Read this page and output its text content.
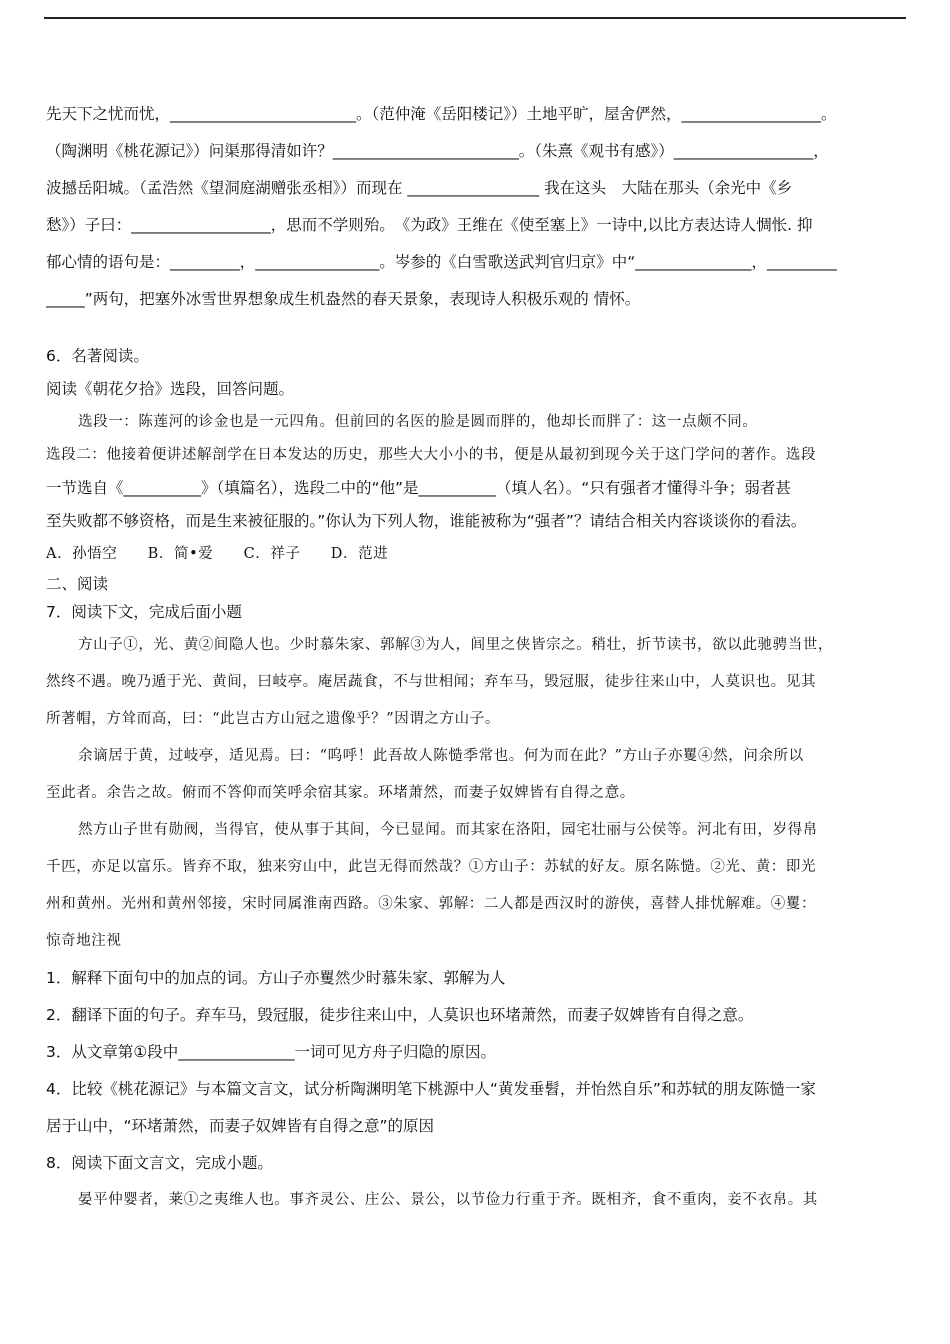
先天下之忧而忧，________________________。（范仲淹《岳阳楼记》）土地平旷，屋舍俨然，__________________。
（陶渊明《桃花源记》）问渠那得清如许？________________________。（朱熹《观书有感》）__________________，
波撼岳阳城。（孟浩然《望洞庭湖赠张丞相》）而现在 _________________ 我在这头　大陆在那头（余光中《乡
愁》）子曰：__________________，思而不学则殆。　《为政》王维在《使至塞上》一诗中,以比方表达诗人惆怅. 抑
郁心情的语句是：_________，________________。岑参的《白雪歌送武判官归京》中“_______________，_________
_____”两句，把塞外冰雪世界想象成生机盎然的春天景象，表现诗人积极乐观的 情怀。
6．名著阅读。
阅读《朝花夕拾》选段，回答问题。
选段一：陈莲河的诊金也是一元四角。但前回的名医的脸是圆而胖的，他却长而胖了：这一点颇不同。
选段二：他接着便讲述解剖学在日本发达的历史，那些大大小小的书，便是从最初到现今关于这门学问的著作。选段
一节选自《__________》（填篇名），选段二中的“他”是__________（填人名）。“只有强者才懂得斗争；弱者甚
至失败都不够资格，而是生来被征服的。”你认为下列人物，谁能被称为“强者”？请结合相关内容谈谈你的看法。
A．孙悟空　　B．简•爱　　C．祥子　　D．范进
二、阅读
7．阅读下文，完成后面小题
方山子①，光、黄②间隐人也。少时慕朱家、郭解③为人，闾里之侠皆宗之。稍壮，折节读书，欲以此驰骋当世，
然终不遇。晚乃遁于光、黄间，曰岐亭。庵居蔬食，不与世相闻；弃车马，毁冠服，徒步往来山中，人莫识也。见其
所著帽，方耸而高，曰：“此岂古方山冠之遗像乎？”因谓之方山子。
余谪居于黄，过岐亭，适见焉。曰：“呜呼！此吾故人陈慥季常也。何为而在此？”方山子亦矍④然，问余所以
至此者。余告之故。俯而不答仰而笑呼余宿其家。环堵萧然，而妻子奴婢皆有自得之意。
然方山子世有勋阀，当得官，使从事于其间，今已显闻。而其家在洛阳，园宅壮丽与公侯等。河北有田，岁得帛
千匹，亦足以富乐。皆弃不取，独来穷山中，此岂无得而然哉？①方山子：苏轼的好友。原名陈慥。②光、黄：即光
州和黄州。光州和黄州邻接，宋时同属淮南西路。③朱家、郭解：二人都是西汉时的游侠，喜替人排忧解难。④矍：
惊奇地注视
1．解释下面句中的加点的词。方山子亦矍然少时慕朱家、郭解为人
2．翻译下面的句子。弃车马，毁冠服，徒步往来山中，人莫识也环堵萧然，而妻子奴婢皆有自得之意。
3．从文章第①段中_______________一词可见方舟子归隐的原因。
4．比较《桃花源记》与本篇文言文，试分析陶渊明笔下桃源中人“黄发垂髫，并怡然自乐”和苏轼的朋友陈慥一家
居于山中，“环堵萧然，而妻子奴婢皆有自得之意”的原因
8．阅读下面文言文，完成小题。
晏平仲婴者，莱①之夷维人也。事齐灵公、庄公、景公，以节俭力行重于齐。既相齐，食不重肉，妾不衣帛。其
